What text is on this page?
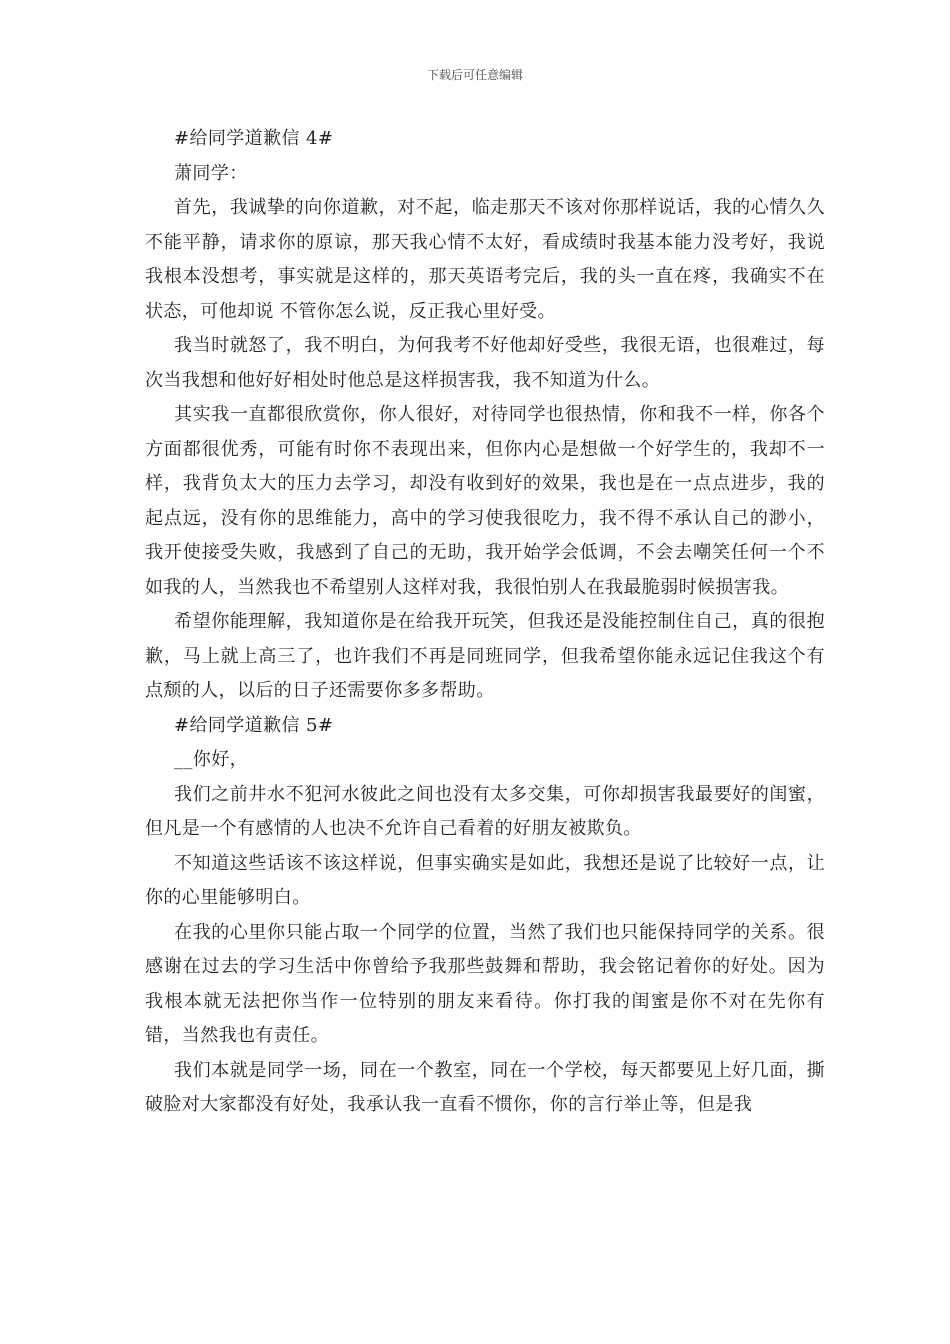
下载后可任意编辑

#给同学道歉信 4#

萧同学：

首先，我诚挚的向你道歉，对不起，临走那天不该对你那样说话，我的心情久久不能平静，请求你的原谅，那天我心情不太好，看成绩时我基本能力没考好，我说我根本没想考，事实就是这样的，那天英语考完后，我的头一直在疼，我确实不在状态，可他却说 不管你怎么说，反正我心里好受。

我当时就怒了，我不明白，为何我考不好他却好受些，我很无语，也很难过，每次当我想和他好好相处时他总是这样损害我，我不知道为什么。

其实我一直都很欣赏你，你人很好，对待同学也很热情，你和我不一样，你各个方面都很优秀，可能有时你不表现出来，但你内心是想做一个好学生的，我却不一样，我背负太大的压力去学习，却没有收到好的效果，我也是在一点点进步，我的起点远，没有你的思维能力，高中的学习使我很吃力，我不得不承认自己的渺小，我开使接受失败，我感到了自己的无助，我开始学会低调，不会去嘲笑任何一个不如我的人，当然我也不希望别人这样对我，我很怕别人在我最脆弱时候损害我。

希望你能理解，我知道你是在给我开玩笑，但我还是没能控制住自己，真的很抱歉，马上就上高三了，也许我们不再是同班同学，但我希望你能永远记住我这个有点颓的人，以后的日子还需要你多多帮助。

#给同学道歉信 5#

__你好，

我们之前井水不犯河水彼此之间也没有太多交集，可你却损害我最要好的闺蜜，但凡是一个有感情的人也决不允许自己看着的好朋友被欺负。

不知道这些话该不该这样说，但事实确实是如此，我想还是说了比较好一点，让你的心里能够明白。

在我的心里你只能占取一个同学的位置，当然了我们也只能保持同学的关系。很感谢在过去的学习生活中你曾给予我那些鼓舞和帮助，我会铭记着你的好处。因为我根本就无法把你当作一位特别的朋友来看待。你打我的闺蜜是你不对在先你有错，当然我也有责任。

我们本就是同学一场，同在一个教室，同在一个学校，每天都要见上好几面，撕破脸对大家都没有好处，我承认我一直看不惯你，你的言行举止等，但是我
